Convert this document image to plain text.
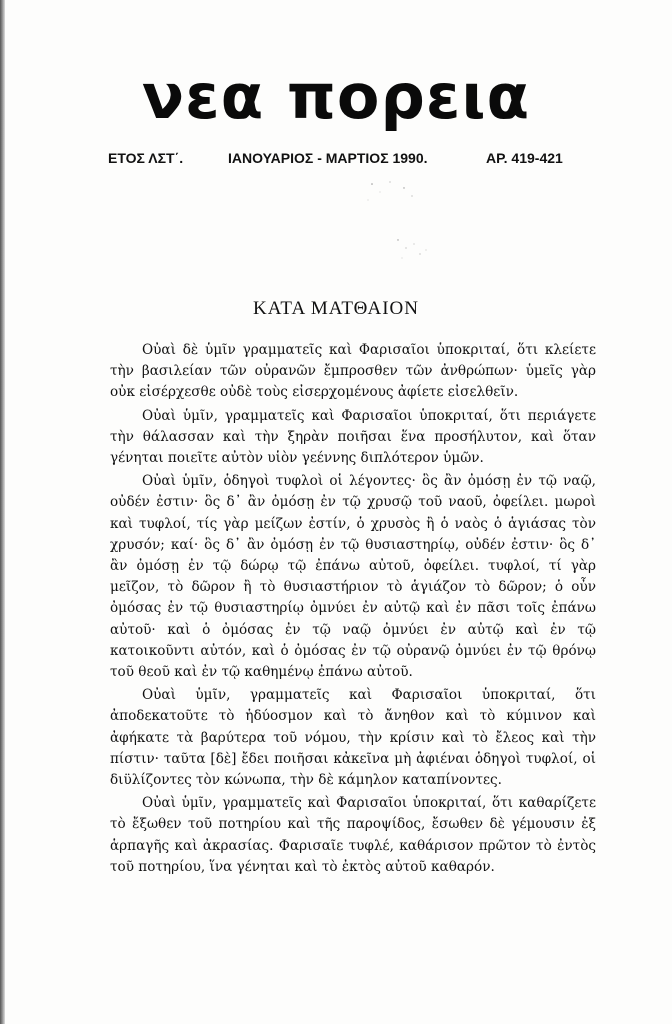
νεα πορεια
ΕΤΟΣ ΛΣΤ΄.	ΙΑΝΟΥΑΡΙΟΣ - ΜΑΡΤΙΟΣ 1990.	ΑΡ. 419-421
ΚΑΤΑ ΜΑΤΘΑΙΟΝ

Οὐαὶ δὲ ὑμῖν γραμματεῖς καὶ Φαρισαῖοι ὑποκριταί, ὅτι κλείετε τὴν βασιλείαν τῶν οὐρανῶν ἔμπροσθεν τῶν ἀνθρώπων· ὑμεῖς γὰρ οὐκ εἰσέρχεσθε οὐδὲ τοὺς εἰσερχομένους ἀφίετε εἰσελθεῖν.

Οὐαὶ ὑμῖν, γραμματεῖς καὶ Φαρισαῖοι ὑποκριταί, ὅτι περιάγετε τὴν θάλασσαν καὶ τὴν ξηρὰν ποιῆσαι ἕνα προσήλυτον, καὶ ὅταν γένηται ποιεῖτε αὐτὸν υἱὸν γεέννης διπλότερον ὑμῶν.

Οὐαὶ ὑμῖν, ὁδηγοὶ τυφλοὶ οἱ λέγοντες· ὃς ἂν ὀμόσῃ ἐν τῷ ναῷ, οὐδέν ἐστιν· ὃς δ᾿ ἂν ὀμόσῃ ἐν τῷ χρυσῷ τοῦ ναοῦ, ὀφείλει. μωροὶ καὶ τυφλοί, τίς γὰρ μείζων ἐστίν, ὁ χρυσὸς ἢ ὁ ναὸς ὁ ἁγιάσας τὸν χρυσόν; καί· ὃς δ᾿ ἂν ὀμόσῃ ἐν τῷ θυσιαστηρίῳ, οὐδέν ἐστιν· ὃς δ᾿ ἂν ὀμόσῃ ἐν τῷ δώρῳ τῷ ἐπάνω αὐτοῦ, ὀφείλει. τυφλοί, τί γὰρ μεῖζον, τὸ δῶρον ἢ τὸ θυσιαστήριον τὸ ἁγιάζον τὸ δῶρον; ὁ οὖν ὀμόσας ἐν τῷ θυσιαστηρίῳ ὀμνύει ἐν αὐτῷ καὶ ἐν πᾶσι τοῖς ἐπάνω αὐτοῦ· καὶ ὁ ὀμόσας ἐν τῷ ναῷ ὀμνύει ἐν αὐτῷ καὶ ἐν τῷ κατοικοῦντι αὐτόν, καὶ ὁ ὀμόσας ἐν τῷ οὐρανῷ ὀμνύει ἐν τῷ θρόνῳ τοῦ θεοῦ καὶ ἐν τῷ καθημένῳ ἐπάνω αὐτοῦ.

Οὐαὶ ὑμῖν, γραμματεῖς καὶ Φαρισαῖοι ὑποκριταί, ὅτι ἀποδεκατοῦτε τὸ ἡδύοσμον καὶ τὸ ἄνηθον καὶ τὸ κύμινον καὶ ἀφήκατε τὰ βαρύτερα τοῦ νόμου, τὴν κρίσιν καὶ τὸ ἔλεος καὶ τὴν πίστιν· ταῦτα [δὲ] ἔδει ποιῆσαι κἀκεῖνα μὴ ἀφιέναι ὁδηγοὶ τυφλοί, οἱ διϋλίζοντες τὸν κώνωπα, τὴν δὲ κάμηλον καταπίνοντες.

Οὐαὶ ὑμῖν, γραμματεῖς καὶ Φαρισαῖοι ὑποκριταί, ὅτι καθαρίζετε τὸ ἔξωθεν τοῦ ποτηρίου καὶ τῆς παροψίδος, ἔσωθεν δὲ γέμουσιν ἐξ ἁρπαγῆς καὶ ἀκρασίας. Φαρισαῖε τυφλέ, καθάρισον πρῶτον τὸ ἐντὸς τοῦ ποτηρίου, ἵνα γένηται καὶ τὸ ἐκτὸς αὐτοῦ καθαρόν.
